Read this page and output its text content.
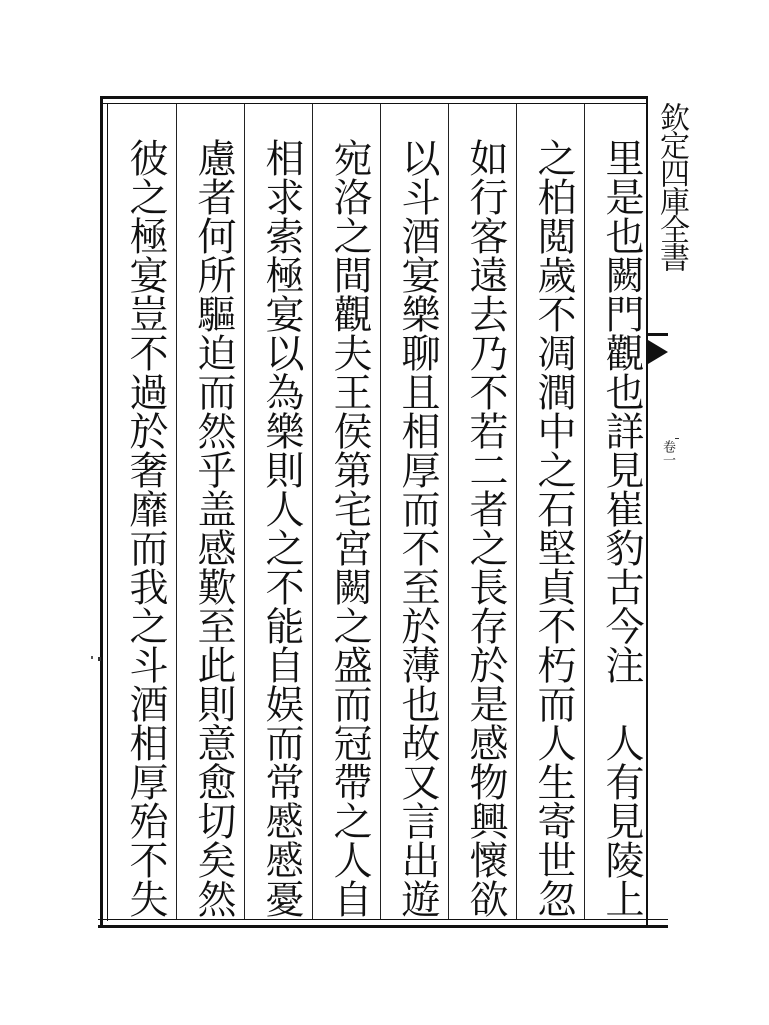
里是也闕門觀也詳見崔豹古今注　人有見陵上
之柏閲歲不凋澗中之石堅貞不朽而人生寄世忽
如行客遠去乃不若二者之長存於是感物興懷欲
以斗酒宴樂聊且相厚而不至於薄也故又言出遊
宛洛之間觀夫王侯第宅宮闕之盛而冠帶之人自
相求索極宴以為樂則人之不能自娱而常慼慼憂
慮者何所驅迫而然乎盖感歎至此則意愈切矣然
彼之極宴豈不過於奢靡而我之斗酒相厚殆不失	欽定四庫全書
卷一
